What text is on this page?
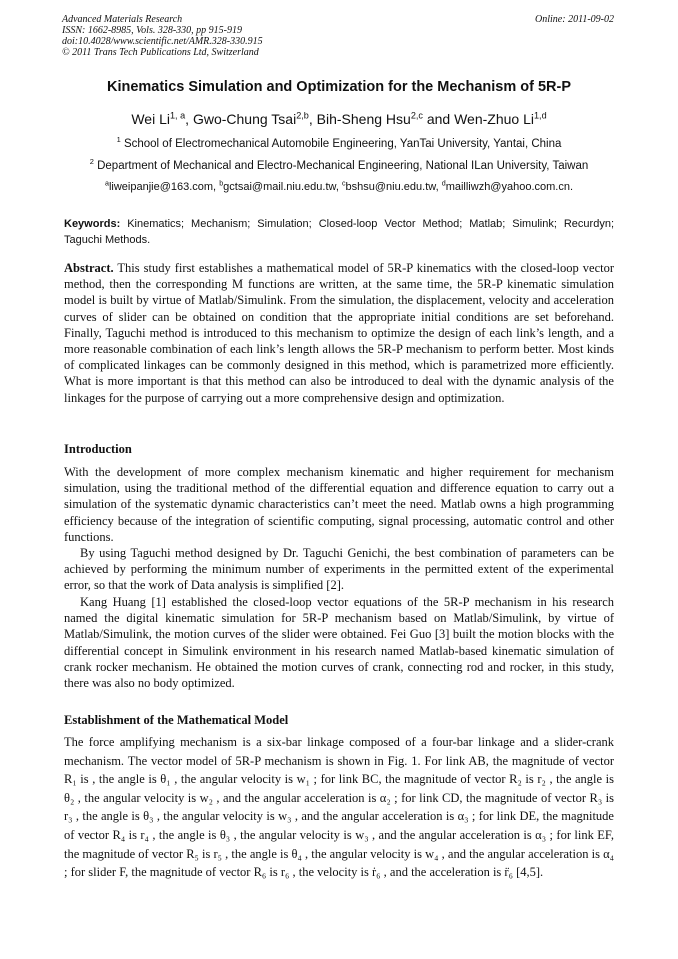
Advanced Materials Research
ISSN: 1662-8985, Vols. 328-330, pp 915-919
doi:10.4028/www.scientific.net/AMR.328-330.915
© 2011 Trans Tech Publications Ltd, Switzerland
Online: 2011-09-02
Kinematics Simulation and Optimization for the Mechanism of 5R-P
Wei Li$^{1, a}$, Gwo-Chung Tsai$^{2,b}$, Bih-Sheng Hsu$^{2,c}$ and Wen-Zhuo Li$^{1,d}$
$^1$ School of Electromechanical Automobile Engineering, YanTai University, Yantai, China
$^2$ Department of Mechanical and Electro-Mechanical Engineering, National ILan University, Taiwan
$^a$liweipanjie@163.com, $^b$gctsai@mail.niu.edu.tw, $^c$bshsu@niu.edu.tw, $^d$mailliwzh@yahoo.com.cn.
Keywords: Kinematics; Mechanism; Simulation; Closed-loop Vector Method; Matlab; Simulink; Recurdyn; Taguchi Methods.
Abstract. This study first establishes a mathematical model of 5R-P kinematics with the closed-loop vector method, then the corresponding M functions are written, at the same time, the 5R-P kinematic simulation model is built by virtue of Matlab/Simulink. From the simulation, the displacement, velocity and acceleration curves of slider can be obtained on condition that the appropriate initial conditions are set beforehand. Finally, Taguchi method is introduced to this mechanism to optimize the design of each link’s length, and a more reasonable combination of each link’s length allows the 5R-P mechanism to perform better. Most kinds of complicated linkages can be commonly designed in this method, which is parametrized more efficiently. What is more important is that this method can also be introduced to deal with the dynamic analysis of the linkages for the purpose of carrying out a more comprehensive design and optimization.
Introduction
With the development of more complex mechanism kinematic and higher requirement for mechanism simulation, using the traditional method of the differential equation and difference equation to carry out a simulation of the systematic dynamic characteristics can’t meet the need. Matlab owns a high programming efficiency because of the integration of scientific computing, signal processing, automatic control and other functions.
By using Taguchi method designed by Dr. Taguchi Genichi, the best combination of parameters can be achieved by performing the minimum number of experiments in the permitted extent of the experimental error, so that the work of Data analysis is simplified [2].
Kang Huang [1] established the closed-loop vector equations of the 5R-P mechanism in his research named the digital kinematic simulation for 5R-P mechanism based on Matlab/Simulink, by virtue of Matlab/Simulink, the motion curves of the slider were obtained. Fei Guo [3] built the motion blocks with the differential concept in Simulink environment in his research named Matlab-based kinematic simulation of crank rocker mechanism. He obtained the motion curves of crank, connecting rod and rocker, in this study, there was also no body optimized.
Establishment of the Mathematical Model
The force amplifying mechanism is a six-bar linkage composed of a four-bar linkage and a slider-crank mechanism. The vector model of 5R-P mechanism is shown in Fig. 1. For link AB, the magnitude of vector R₁ is , the angle is θ₁ , the angular velocity is w₁ ; for link BC, the magnitude of vector R₂ is r₂ , the angle is θ₂ , the angular velocity is w₂ , and the angular acceleration is α₂ ; for link CD, the magnitude of vector R₃ is r₃ , the angle is θ₃ , the angular velocity is w₃ , and the angular acceleration is α₃ ; for link DE, the magnitude of vector R₄ is r₄ , the angle is θ₃ , the angular velocity is w₃ , and the angular acceleration is α₃ ; for link EF, the magnitude of vector R₅ is r₅ , the angle is θ₄ , the angular velocity is w₄ , and the angular acceleration is α₄ ; for slider F, the magnitude of vector R₆ is r₆ , the velocity is ṙ₆ , and the acceleration is r̈₆ [4,5].
